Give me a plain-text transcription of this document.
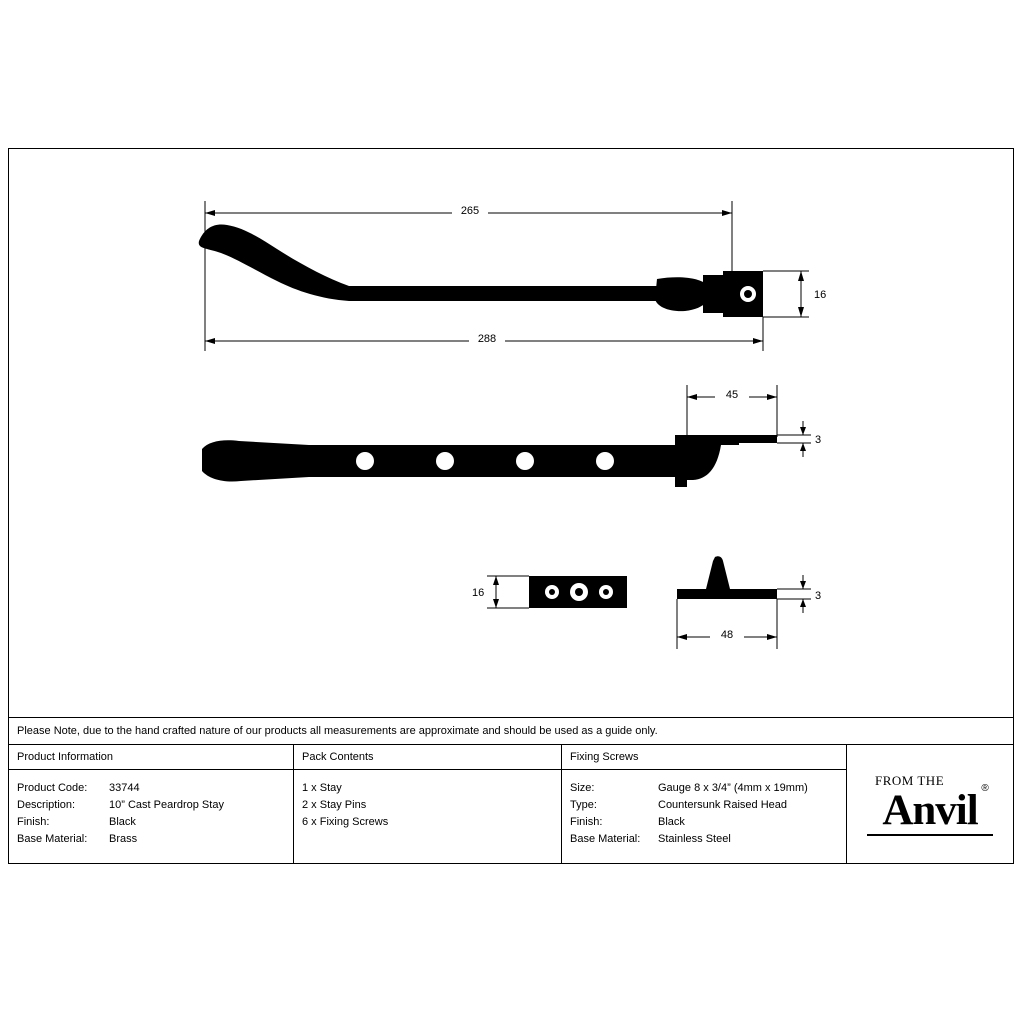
265
288
16
45
3
16	3
48
Please Note, due to the hand crafted nature of our products all measurements are approximate and should be used as a guide only.
Product Information
Product Code:	33744
Description:	10” Cast Peardrop Stay
Finish:	Black
Base Material:	Brass
Pack Contents
1 x Stay
2 x Stay Pins
6 x Fixing Screws
Fixing Screws
Size:	Gauge 8 x 3/4” (4mm x 19mm)
Type:	Countersunk Raised Head
Finish:	Black
Base Material:	Stainless Steel
FROM THE
Anvil ®
